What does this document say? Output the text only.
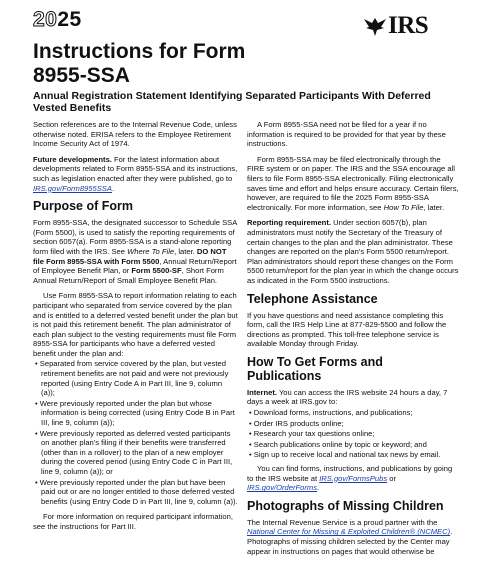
2025	IRS
Instructions for Form
8955-SSA
Annual Registration Statement Identifying Separated Participants With Deferred Vested Benefits

Section references are to the Internal Revenue Code, unless otherwise noted. ERISA refers to the Employee Retirement Income Security Act of 1974.

Future developments. For the latest information about developments related to Form 8955-SSA and its instructions, such as legislation enacted after they were published, go to IRS.gov/Form8955SSA.

Purpose of Form

Form 8955-SSA, the designated successor to Schedule SSA (Form 5500), is used to satisfy the reporting requirements of section 6057(a). Form 8955-SSA is a stand-alone reporting form filed with the IRS. See Where To File, later. DO NOT file Form 8955-SSA with Form 5500, Annual Return/Report of Employee Benefit Plan, or Form 5500-SF, Short Form Annual Return/Report of Small Employee Benefit Plan.

Use Form 8955-SSA to report information relating to each participant who separated from service covered by the plan and is entitled to a deferred vested benefit under the plan but is not paid this retirement benefit. The plan administrator of each plan subject to the vesting requirements must file Form 8955-SSA for participants who have a deferred vested benefit under the plan and:

• Separated from service covered by the plan, but vested retirement benefits are not paid and were not previously reported (using Entry Code A in Part III, line 9, column (a));
• Were previously reported under the plan but whose information is being corrected (using Entry Code B in Part III, line 9, column (a));
• Were previously reported as deferred vested participants on another plan's filing if their benefits were transferred (other than in a rollover) to the plan of a new employer during the covered period (using Entry Code C in Part III, line 9, column (a)); or
• Were previously reported under the plan but have been paid out or are no longer entitled to those deferred vested benefits (using Entry Code D in Part III, line 9, column (a)).

For more information on required participant information, see the instructions for Part III.

A Form 8955-SSA need not be filed for a year if no information is required to be provided for that year by these instructions.

Form 8955-SSA may be filed electronically through the FIRE system or on paper. The IRS and the SSA encourage all filers to file Form 8955-SSA electronically. Filing electronically saves time and effort and helps ensure accuracy. Certain filers, however, are required to file the 2025 Form 8955-SSA electronically. For more information, see How To File, later.

Reporting requirement. Under section 6057(b), plan administrators must notify the Secretary of the Treasury of certain changes to the plan and the plan administrator. These changes are reported on the plan's Form 5500 return/report. Plan administrators should report these changes on the Form 5500 return/report for the plan year in which the change occurs as indicated in the Form 5500 instructions.

Telephone Assistance

If you have questions and need assistance completing this form, call the IRS Help Line at 877-829-5500 and follow the directions as prompted. This toll-free telephone service is available Monday through Friday.

How To Get Forms and Publications

Internet. You can access the IRS website 24 hours a day, 7 days a week at IRS.gov to:

• Download forms, instructions, and publications;
• Order IRS products online;
• Research your tax questions online;
• Search publications online by topic or keyword; and
• Sign up to receive local and national tax news by email.

You can find forms, instructions, and publications by going to the IRS website at IRS.gov/FormsPubs or IRS.gov/OrderForms.

Photographs of Missing Children

The Internal Revenue Service is a proud partner with the National Center for Missing & Exploited Children® (NCMEC). Photographs of missing children selected by the Center may appear in instructions on pages that would otherwise be
